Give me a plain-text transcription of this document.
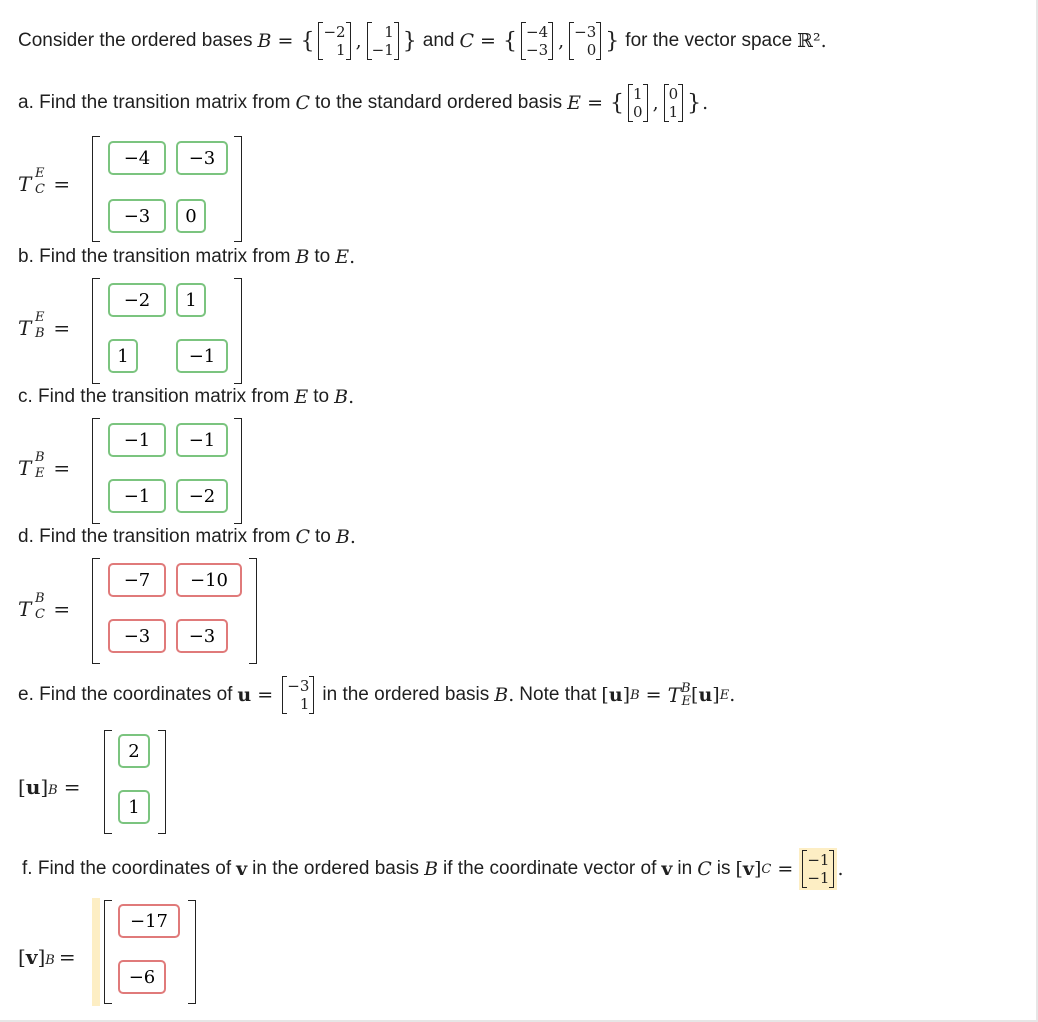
Consider the ordered bases B = { −2
1 ,	1
−1 } and C = { −4
−3 , −3
0 } for the vector space ℝ².
a. Find the transition matrix from C to the standard ordered basis E = { 1
0 , 0
1 } .
T E
C =
−4
−3
−3
0
b. Find the transition matrix from B to E .
T E
B =
−2
1
1
−1
c. Find the transition matrix from E to B .
T B
E =
−1
−1
−1
−2
d. Find the transition matrix from C to B .
T B
C =
−7
−10
−3
−3
e. Find the coordinates of u = −3
1 in the ordered basis B . Note that [ u ] B = T B
E [ u ] E .
[u]B =
2
1
f. Find the coordinates of v in the ordered basis B if the coordinate vector of v in C is [ v ] C = −1
−1 .
[v]B =
−17
−6
